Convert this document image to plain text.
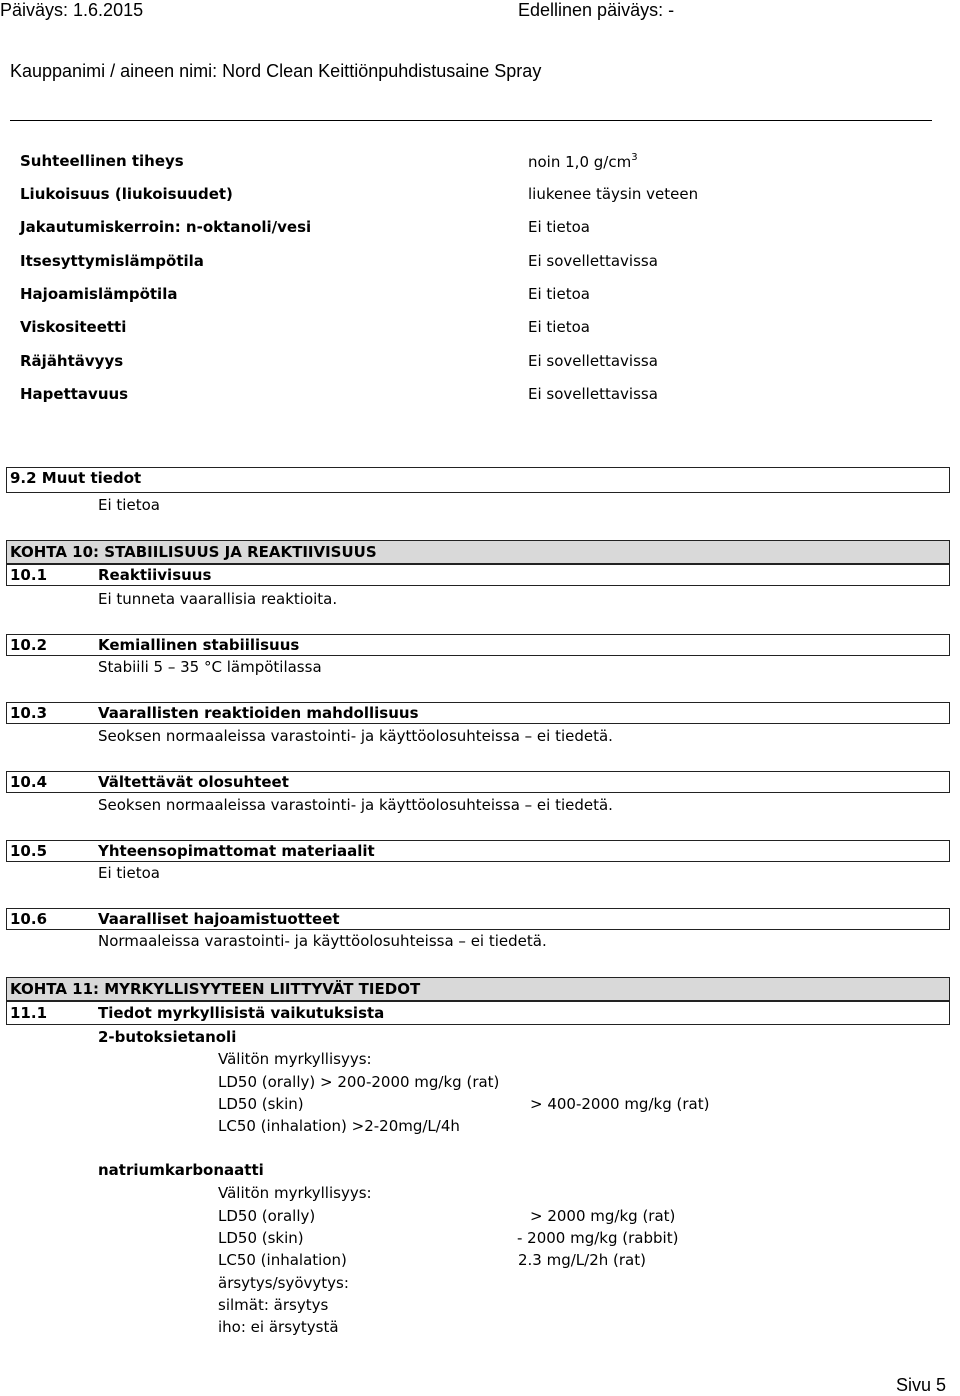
Päiväys: 1.6.2015	Edellinen päiväys: -
Kauppanimi / aineen nimi: Nord Clean Keittiönpuhdistusaine Spray
Suhteellinen tiheys	noin 1,0 $g/cm^3$
Liukoisuus (liukoisuudet)	liukenee täysin veteen
Jakautumiskerroin: n-oktanoli/vesi	Ei tietoa
Itsesyttymislämpötila	Ei sovellettavissa
Hajoamislämpötila	Ei tietoa
Viskositeetti	Ei tietoa
Räjähtävyys	Ei sovellettavissa
Hapettavuus	Ei sovellettavissa
9.2 Muut tiedot
Ei tietoa
KOHTA 10: STABIILISUUS JA REAKTIIVISUUS
10.1	Reaktiivisuus
Ei tunneta vaarallisia reaktioita.
10.2	Kemiallinen stabiilisuus
Stabiili 5 – 35 °C lämpötilassa
10.3	Vaarallisten reaktioiden mahdollisuus
Seoksen normaaleissa varastointi- ja käyttöolosuhteissa – ei tiedetä.
10.4	Vältettävät olosuhteet
Seoksen normaaleissa varastointi- ja käyttöolosuhteissa – ei tiedetä.
10.5	Yhteensopimattomat materiaalit
Ei tietoa
10.6	Vaaralliset hajoamistuotteet
Normaaleissa varastointi- ja käyttöolosuhteissa – ei tiedetä.
KOHTA 11: MYRKYLLISYYTEEN LIITTYVÄT TIEDOT
11.1	Tiedot myrkyllisistä vaikutuksista
2-butoksietanoli
Välitön myrkyllisyys:
LD50 (orally) > 200-2000 mg/kg (rat)
LD50 (skin)	> 400-2000 mg/kg (rat)
LC50 (inhalation) >2-20mg/L/4h
natriumkarbonaatti
Välitön myrkyllisyys:
LD50 (orally)	> 2000 mg/kg (rat)
LD50 (skin)	- 2000 mg/kg (rabbit)
LC50 (inhalation)	2.3 mg/L/2h (rat)
ärsytys/syövytys:
silmät: ärsytys
iho: ei ärsytystä
Sivu 5
